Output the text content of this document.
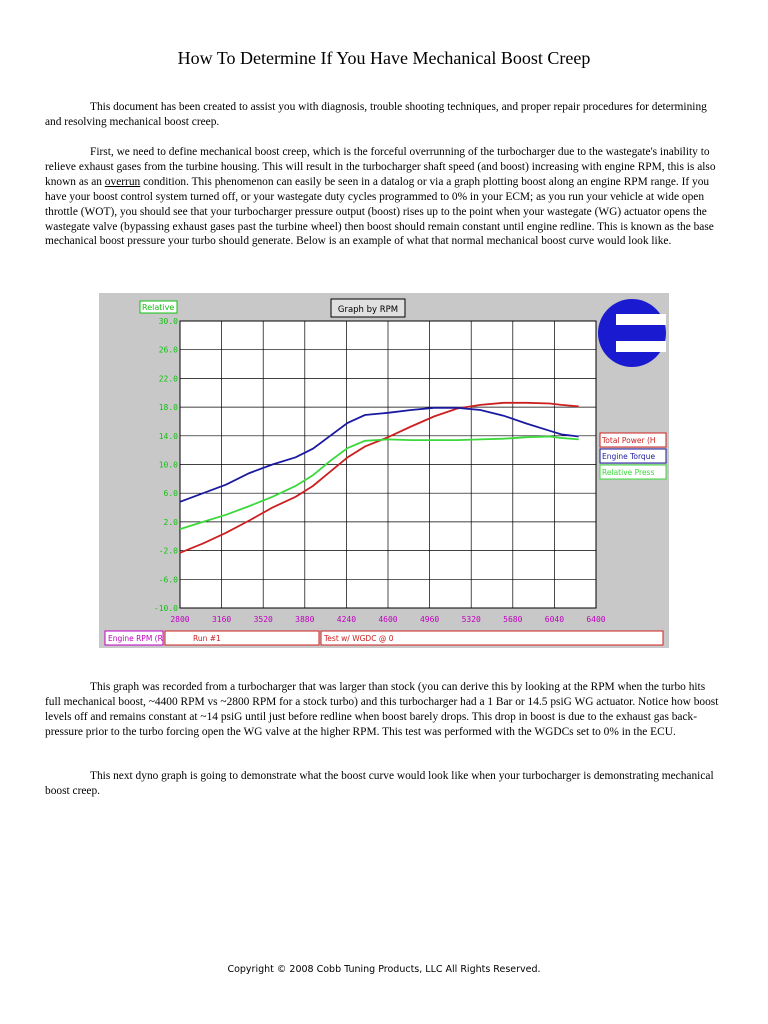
How To Determine If You Have Mechanical Boost Creep

This document has been created to assist you with diagnosis, trouble shooting techniques, and proper repair procedures for determining and resolving mechanical boost creep.

First, we need to define mechanical boost creep, which is the forceful overrunning of the turbocharger due to the wastegate's inability to relieve exhaust gases from the turbine housing. This will result in the turbocharger shaft speed (and boost) increasing with engine RPM, this is also known as an overrun condition. This phenomenon can easily be seen in a datalog or via a graph plotting boost along an engine RPM range. If you have your boost control system turned off, or your wastegate duty cycles programmed to 0% in your ECM; as you run your vehicle at wide open throttle (WOT), you should see that your turbocharger pressure output (boost) rises up to the point when your wastegate (WG) actuator opens the wastegate valve (bypassing exhaust gases past the turbine wheel) then boost should remain constant until engine redline. This is known as the base mechanical boost pressure your turbo should generate. Below is an example of what that normal mechanical boost curve would look like.

2800	3160	3520	3880	4240	4600	4960	5320	5680	6040	6400
30.0
26.0
22.0
18.0
14.0
10.0
6.0
2.0
-2.0
-6.0
-10.0
Relative	Graph by RPM
Total Power (H
Engine Torque
Relative Press
Engine RPM (R	Run #1	Test w/ WGDC @ 0

This graph was recorded from a turbocharger that was larger than stock (you can derive this by looking at the RPM when the turbo hits full mechanical boost, ~4400 RPM vs ~2800 RPM for a stock turbo) and this turbocharger had a 1 Bar or 14.5 psiG WG actuator. Notice how boost levels off and remains constant at ~14 psiG until just before redline when boost barely drops. This drop in boost is due to the exhaust gas back-pressure prior to the turbo forcing open the WG valve at the higher RPM. This test was performed with the WGDCs set to 0% in the ECU.

This next dyno graph is going to demonstrate what the boost curve would look like when your turbocharger is demonstrating mechanical boost creep.

Copyright © 2008 Cobb Tuning Products, LLC All Rights Reserved.
